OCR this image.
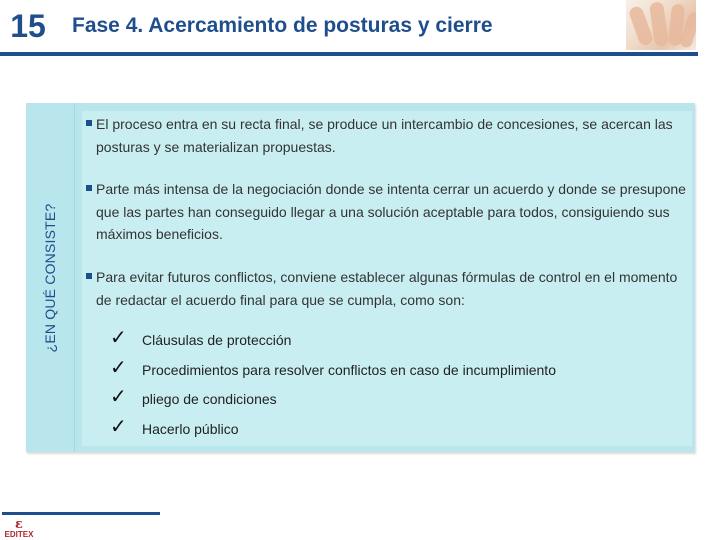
15	Fase 4. Acercamiento de posturas y cierre
¿EN QUÉ CONSISTE?
El proceso entra en su recta final, se produce un intercambio de concesiones, se acercan las posturas y se materializan propuestas.
Parte más intensa de la negociación donde se intenta cerrar un acuerdo y donde se presupone que las partes han conseguido llegar a una solución aceptable para todos, consiguiendo sus máximos beneficios.
Para evitar futuros conflictos, conviene establecer algunas fórmulas de control en el momento de redactar el acuerdo final para que se cumpla, como son:
✓	Cláusulas de protección
✓	Procedimientos para resolver conflictos en caso de incumplimiento
✓	pliego de condiciones
✓	Hacerlo público
ε
EDITEX
